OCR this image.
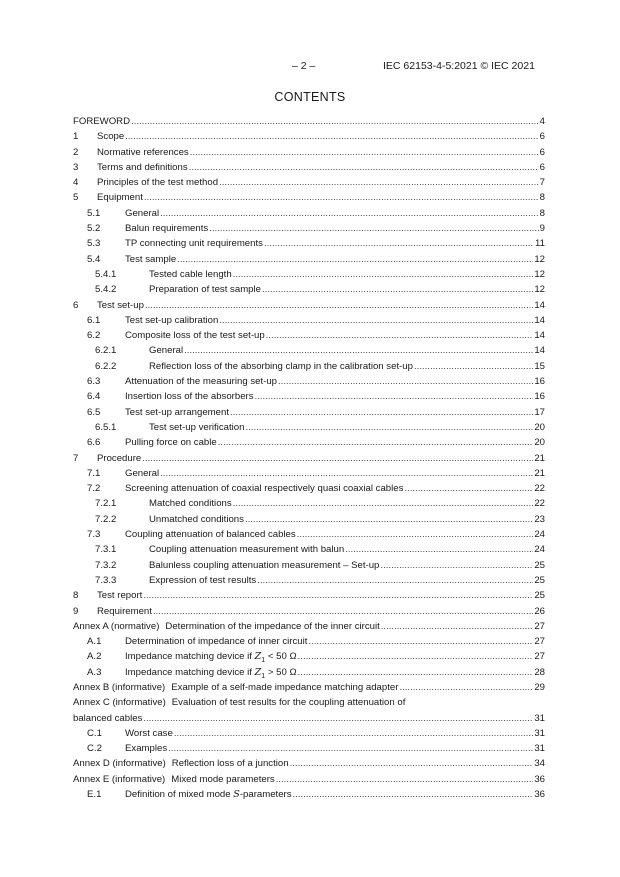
– 2 –	IEC 62153-4-5:2021 © IEC 2021
CONTENTS
FOREWORD .....	4
1	Scope .....	6
2	Normative references .....	6
3	Terms and definitions .....	6
4	Principles of the test method .....	7
5	Equipment .....	8
5.1	General .....	8
5.2	Balun requirements .....	9
5.3	TP connecting unit requirements .....	11
5.4	Test sample .....	12
5.4.1	Tested cable length .....	12
5.4.2	Preparation of test sample .....	12
6	Test set-up .....	14
6.1	Test set-up calibration .....	14
6.2	Composite loss of the test set-up .....	14
6.2.1	General .....	14
6.2.2	Reflection loss of the absorbing clamp in the calibration set-up .....	15
6.3	Attenuation of the measuring set-up .....	16
6.4	Insertion loss of the absorbers .....	16
6.5	Test set-up arrangement .....	17
6.5.1	Test set-up verification .....	20
6.6	Pulling force on cable .....	20
7	Procedure .....	21
7.1	General .....	21
7.2	Screening attenuation of coaxial respectively quasi coaxial cables .....	22
7.2.1	Matched conditions .....	22
7.2.2	Unmatched conditions .....	23
7.3	Coupling attenuation of balanced cables .....	24
7.3.1	Coupling attenuation measurement with balun .....	24
7.3.2	Balunless coupling attenuation measurement – Set-up .....	25
7.3.3	Expression of test results .....	25
8	Test report .....	25
9	Requirement .....	26
Annex A (normative) Determination of the impedance of the inner circuit .....	27
A.1	Determination of impedance of inner circuit .....	27
A.2	Impedance matching device if $Z_1 < 50$ Ω .....	27
A.3	Impedance matching device if $Z_1 > 50$ Ω .....	28
Annex B (informative) Example of a self-made impedance matching adapter .....	29
Annex C (informative) Evaluation of test results for the coupling attenuation of
balanced cables .....	31
C.1	Worst case .....	31
C.2	Examples .....	31
Annex D (informative) Reflection loss of a junction .....	34
Annex E (informative) Mixed mode parameters .....	36
E.1	Definition of mixed mode S-parameters .....	36
